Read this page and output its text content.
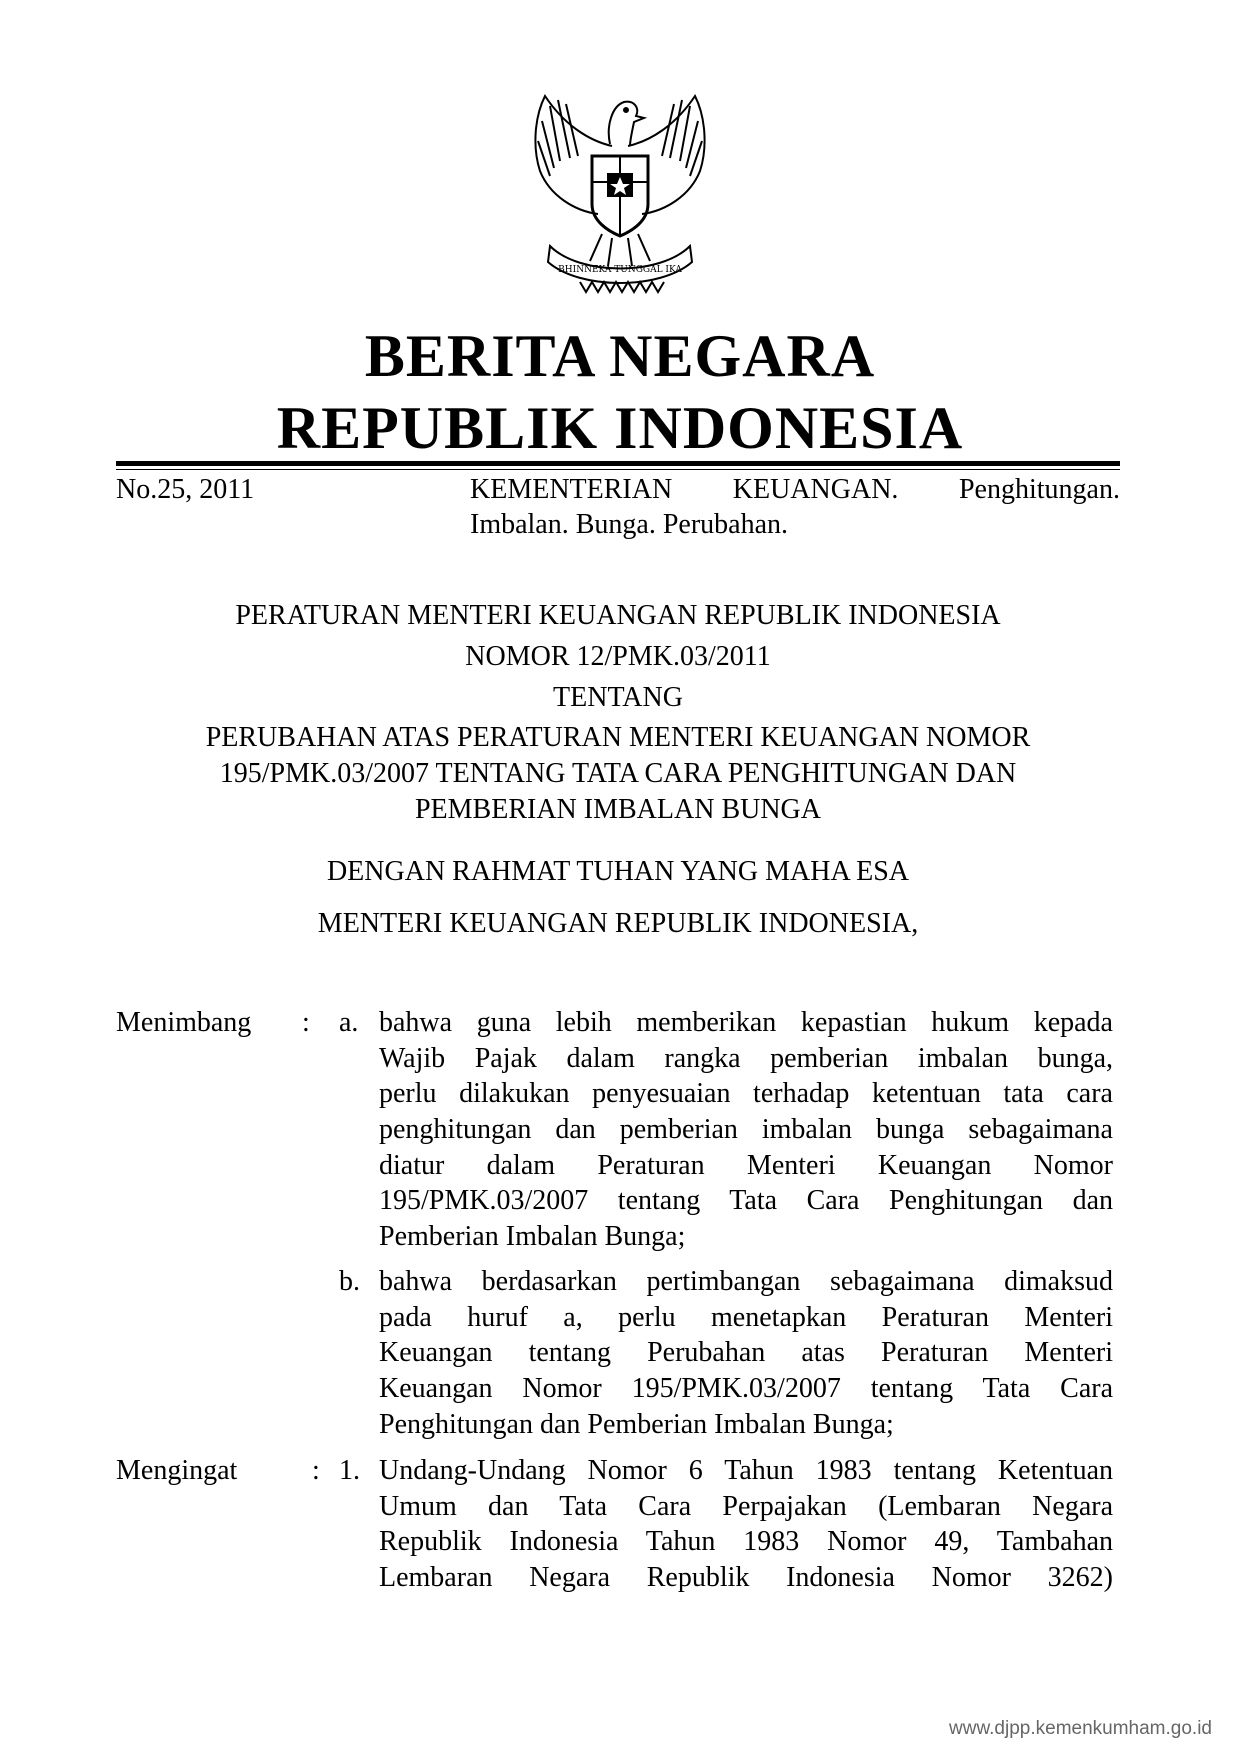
BHINNEKA TUNGGAL IKA
BERITA NEGARA
REPUBLIK INDONESIA
No.25, 2011	KEMENTERIAN KEUANGAN. Penghitungan.
Imbalan. Bunga. Perubahan.
PERATURAN MENTERI KEUANGAN REPUBLIK INDONESIA
NOMOR 12/PMK.03/2011
TENTANG
PERUBAHAN ATAS PERATURAN MENTERI KEUANGAN NOMOR
195/PMK.03/2007 TENTANG TATA CARA PENGHITUNGAN DAN
PEMBERIAN IMBALAN BUNGA
DENGAN RAHMAT TUHAN YANG MAHA ESA
MENTERI KEUANGAN REPUBLIK INDONESIA,
Menimbang : a. bahwa guna lebih memberikan kepastian hukum kepada
Wajib Pajak dalam rangka pemberian imbalan bunga,
perlu dilakukan penyesuaian terhadap ketentuan tata cara
penghitungan dan pemberian imbalan bunga sebagaimana
diatur dalam Peraturan Menteri Keuangan Nomor
195/PMK.03/2007 tentang Tata Cara Penghitungan dan
Pemberian Imbalan Bunga;
b. bahwa berdasarkan pertimbangan sebagaimana dimaksud
pada huruf a, perlu menetapkan Peraturan Menteri
Keuangan tentang Perubahan atas Peraturan Menteri
Keuangan Nomor 195/PMK.03/2007 tentang Tata Cara
Penghitungan dan Pemberian Imbalan Bunga;
Mengingat	: 1. Undang-Undang Nomor 6 Tahun 1983 tentang Ketentuan
Umum dan Tata Cara Perpajakan (Lembaran Negara
Republik Indonesia Tahun 1983 Nomor 49, Tambahan
Lembaran Negara Republik Indonesia Nomor 3262)
www.djpp.kemenkumham.go.id
